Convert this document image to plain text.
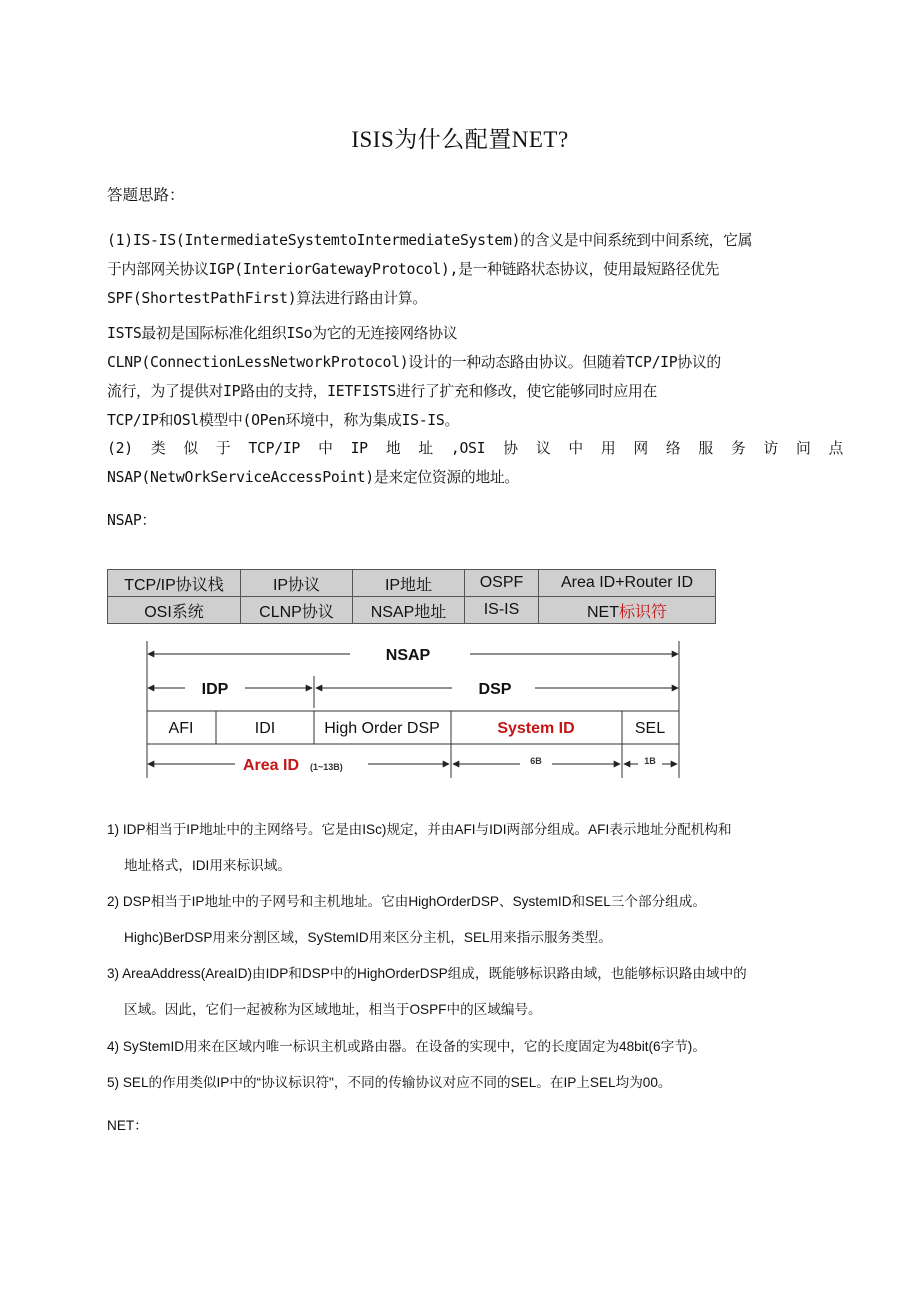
ISIS为什么配置NET?
答题思路：
(1)IS-IS(IntermediateSystemtoIntermediateSystem)的含义是中间系统到中间系统，它属
于内部网关协议IGP(InteriorGatewayProtocol),是一种链路状态协议，使用最短路径优先
SPF(ShortestPathFirst)算法进行路由计算。
ISTS最初是国际标准化组织ISo为它的无连接网络协议
CLNP(ConnectionLessNetworkProtocol)设计的一种动态路由协议。但随着TCP/IP协议的
流行，为了提供对IP路由的支持，IETFISTS进行了扩充和修改，使它能够同时应用在
TCP/IP和OSl模型中(OPen环境中，称为集成IS-IS。
(2) 类 似 于 TCP/IP 中 IP 地 址 ,OSI 协 议 中 用 网 络 服 务 访 问 点
NSAP(NetwOrkServiceAccessPoint)是来定位资源的地址。
NSAP：
TCP/IP协议栈	IP协议	IP地址	OSPF	Area ID+Router ID
OSI系统	CLNP协议	NSAP地址	IS-IS	NET标识符
NSAP
IDP	DSP
AFI	IDI	High Order DSP	System ID	SEL
Area ID (1~13B)
6B	1B
1) IDP相当于IP地址中的主网络号。它是由ISc)规定，并由AFI与IDI两部分组成。AFI表示地址分配机构和
地址格式，IDI用来标识域。
2) DSP相当于IP地址中的子网号和主机地址。它由HighOrderDSP、SystemID和SEL三个部分组成。
Highc)BerDSP用来分割区域，SyStemID用来区分主机，SEL用来指示服务类型。
3) AreaAddress(AreaID)由IDP和DSP中的HighOrderDSP组成，既能够标识路由域，也能够标识路由域中的
区域。因此，它们一起被称为区域地址，相当于OSPF中的区域编号。
4) SyStemID用来在区域内唯一标识主机或路由器。在设备的实现中，它的长度固定为48bit(6字节)。
5) SEL的作用类似IP中的“协议标识符"，不同的传输协议对应不同的SEL。在IP上SEL均为00。
NET：
